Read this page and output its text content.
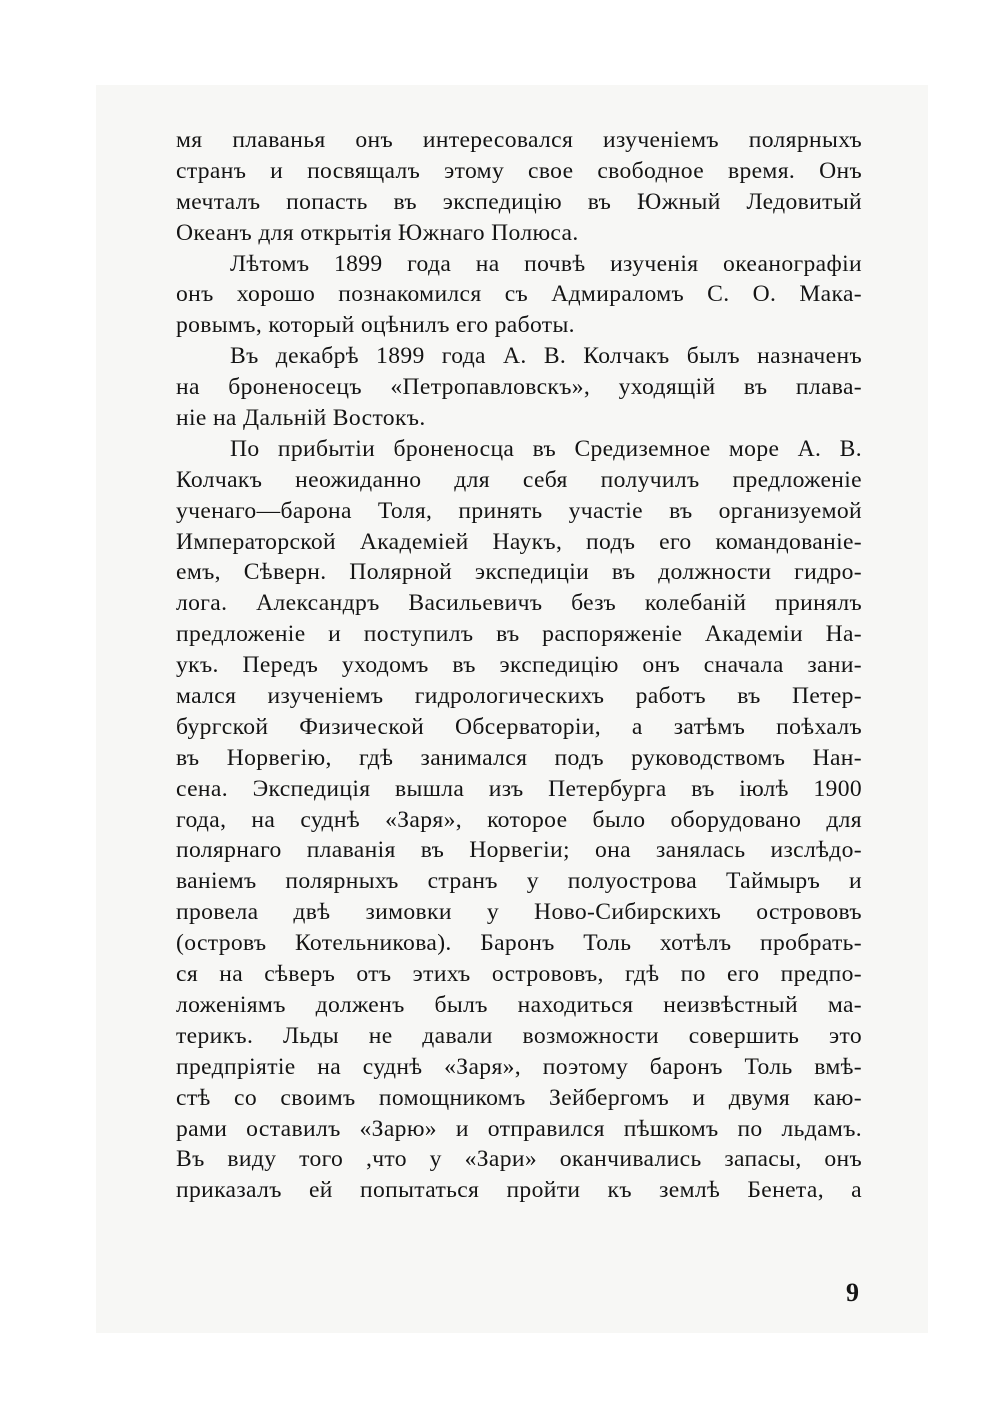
мя плаванья онъ интересовался изученіемъ полярныхъ
странъ и посвящалъ этому свое свободное время. Онъ
мечталъ попасть въ экспедицію въ Южный Ледовитый
Океанъ для открытія Южнаго Полюса.
Лѣтомъ 1899 года на почвѣ изученія океанографіи
онъ хорошо познакомился съ Адмираломъ С. О. Мака-
ровымъ, который оцѣнилъ его работы.
Въ декабрѣ 1899 года А. В. Колчакъ былъ назначенъ
на броненосецъ «Петропавловскъ», уходящій въ плава-
ніе на Дальній Востокъ.
По прибытіи броненосца въ Средиземное море А. В.
Колчакъ неожиданно для себя получилъ предложеніе
ученаго—барона Толя, принять участіе въ организуемой
Императорской Академіей Наукъ, подъ его командованіе-
емъ, Сѣверн. Полярной экспедиціи въ должности гидро-
лога. Александръ Васильевичъ безъ колебаній принялъ
предложеніе и поступилъ въ распоряженіе Академіи На-
укъ. Передъ уходомъ въ экспедицію онъ сначала зани-
мался изученіемъ гидрологическихъ работъ въ Петер-
бургской Физической Обсерваторіи, а затѣмъ поѣхалъ
въ Норвегію, гдѣ занимался подъ руководствомъ Нан-
сена. Экспедиція вышла изъ Петербурга въ іюлѣ 1900
года, на суднѣ «Заря», которое было оборудовано для
полярнаго плаванія въ Норвегіи; она занялась изслѣдо-
ваніемъ полярныхъ странъ у полуострова Таймыръ и
провела двѣ зимовки у Ново-Сибирскихъ острововъ
(островъ Котельникова). Баронъ Толь хотѣлъ пробрать-
ся на сѣверъ отъ этихъ острововъ, гдѣ по его предпо-
ложеніямъ долженъ былъ находиться неизвѣстный ма-
терикъ. Льды не давали возможности совершить это
предпріятіе на суднѣ «Заря», поэтому баронъ Толь вмѣ-
стѣ со своимъ помощникомъ Зейбергомъ и двумя каю-
рами оставилъ «Зарю» и отправился пѣшкомъ по льдамъ.
Въ виду того ,что у «Зари» оканчивались запасы, онъ
приказалъ ей попытаться пройти къ землѣ Бенета, а
9
